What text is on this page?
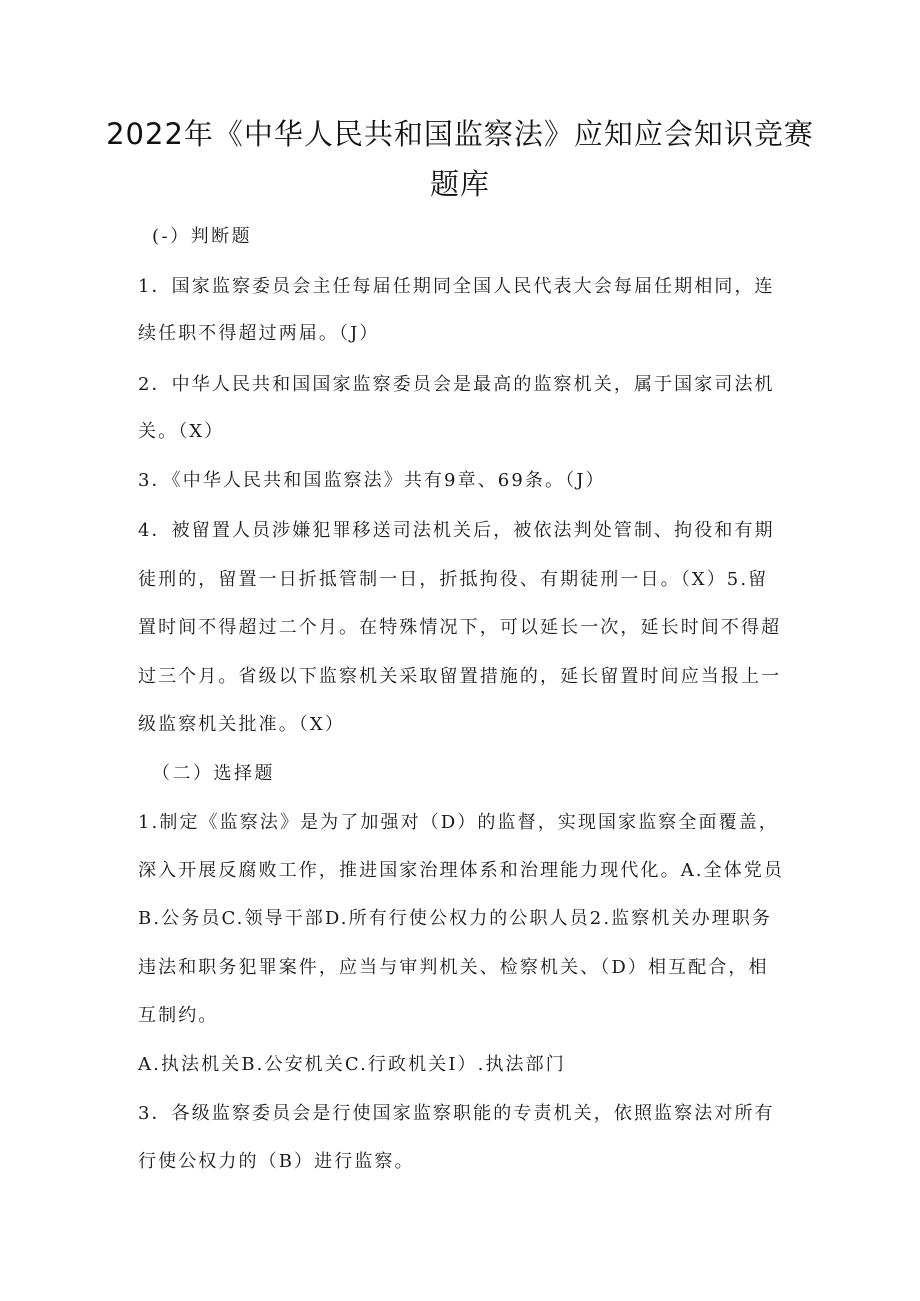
2022年《中华人民共和国监察法》应知应会知识竞赛
题库
(-）判断题
1．国家监察委员会主任每届任期同全国人民代表大会每届任期相同，连
续任职不得超过两届。（J）
2．中华人民共和国国家监察委员会是最高的监察机关，属于国家司法机
关。（X）
3．《中华人民共和国监察法》共有9章、69条。（J）
4．被留置人员涉嫌犯罪移送司法机关后，被依法判处管制、拘役和有期
徒刑的，留置一日折抵管制一日，折抵拘役、有期徒刑一日。（X）5.留
置时间不得超过二个月。在特殊情况下，可以延长一次，延长时间不得超
过三个月。省级以下监察机关采取留置措施的，延长留置时间应当报上一
级监察机关批准。（X）
（二）选择题
1.制定《监察法》是为了加强对（D）的监督，实现国家监察全面覆盖，
深入开展反腐败工作，推进国家治理体系和治理能力现代化。A.全体党员
B.公务员C.领导干部D.所有行使公权力的公职人员2.监察机关办理职务
违法和职务犯罪案件，应当与审判机关、检察机关、（D）相互配合，相
互制约。
A.执法机关B.公安机关C.行政机关I）.执法部门
3．各级监察委员会是行使国家监察职能的专责机关，依照监察法对所有
行使公权力的（B）进行监察。
